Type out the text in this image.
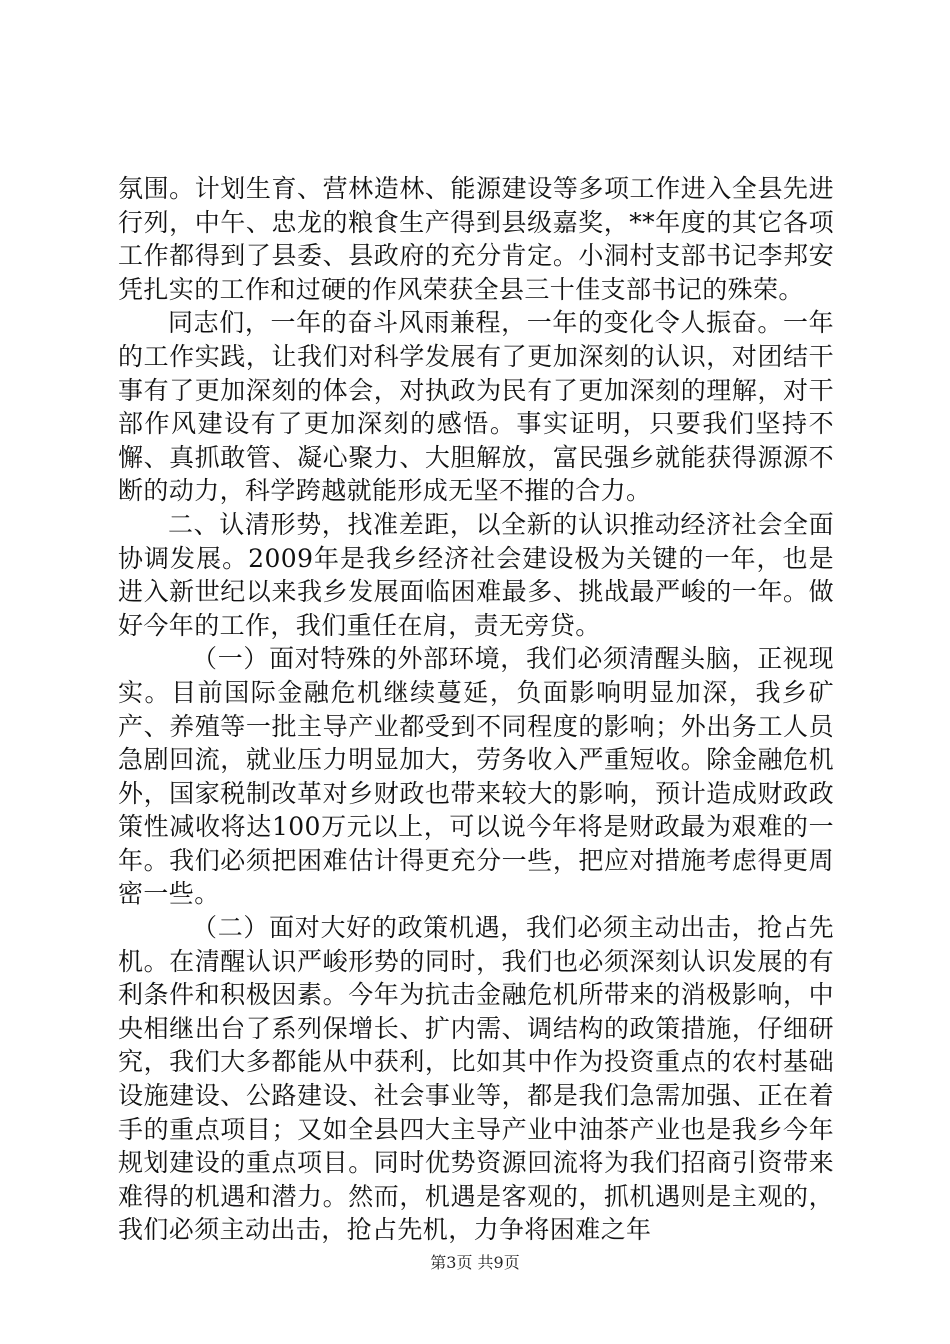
氛围。计划生育、营林造林、能源建设等多项工作进入全县先进行列，中午、忠龙的粮食生产得到县级嘉奖，**年度的其它各项工作都得到了县委、县政府的充分肯定。小洞村支部书记李邦安凭扎实的工作和过硬的作风荣获全县三十佳支部书记的殊荣。

同志们，一年的奋斗风雨兼程，一年的变化令人振奋。一年的工作实践，让我们对科学发展有了更加深刻的认识，对团结干事有了更加深刻的体会，对执政为民有了更加深刻的理解，对干部作风建设有了更加深刻的感悟。事实证明，只要我们坚持不懈、真抓敢管、凝心聚力、大胆解放，富民强乡就能获得源源不断的动力，科学跨越就能形成无坚不摧的合力。

二、认清形势，找准差距，以全新的认识推动经济社会全面协调发展。2009年是我乡经济社会建设极为关键的一年，也是进入新世纪以来我乡发展面临困难最多、挑战最严峻的一年。做好今年的工作，我们重任在肩，责无旁贷。

（一）面对特殊的外部环境，我们必须清醒头脑，正视现实。目前国际金融危机继续蔓延，负面影响明显加深，我乡矿产、养殖等一批主导产业都受到不同程度的影响；外出务工人员急剧回流，就业压力明显加大，劳务收入严重短收。除金融危机外，国家税制改革对乡财政也带来较大的影响，预计造成财政政策性减收将达100万元以上，可以说今年将是财政最为艰难的一年。我们必须把困难估计得更充分一些，把应对措施考虑得更周密一些。

（二）面对大好的政策机遇，我们必须主动出击，抢占先机。在清醒认识严峻形势的同时，我们也必须深刻认识发展的有利条件和积极因素。今年为抗击金融危机所带来的消极影响，中央相继出台了系列保增长、扩内需、调结构的政策措施，仔细研究，我们大多都能从中获利，比如其中作为投资重点的农村基础设施建设、公路建设、社会事业等，都是我们急需加强、正在着手的重点项目；又如全县四大主导产业中油茶产业也是我乡今年规划建设的重点项目。同时优势资源回流将为我们招商引资带来难得的机遇和潜力。然而，机遇是客观的，抓机遇则是主观的，我们必须主动出击，抢占先机，力争将困难之年

第3页 共9页
